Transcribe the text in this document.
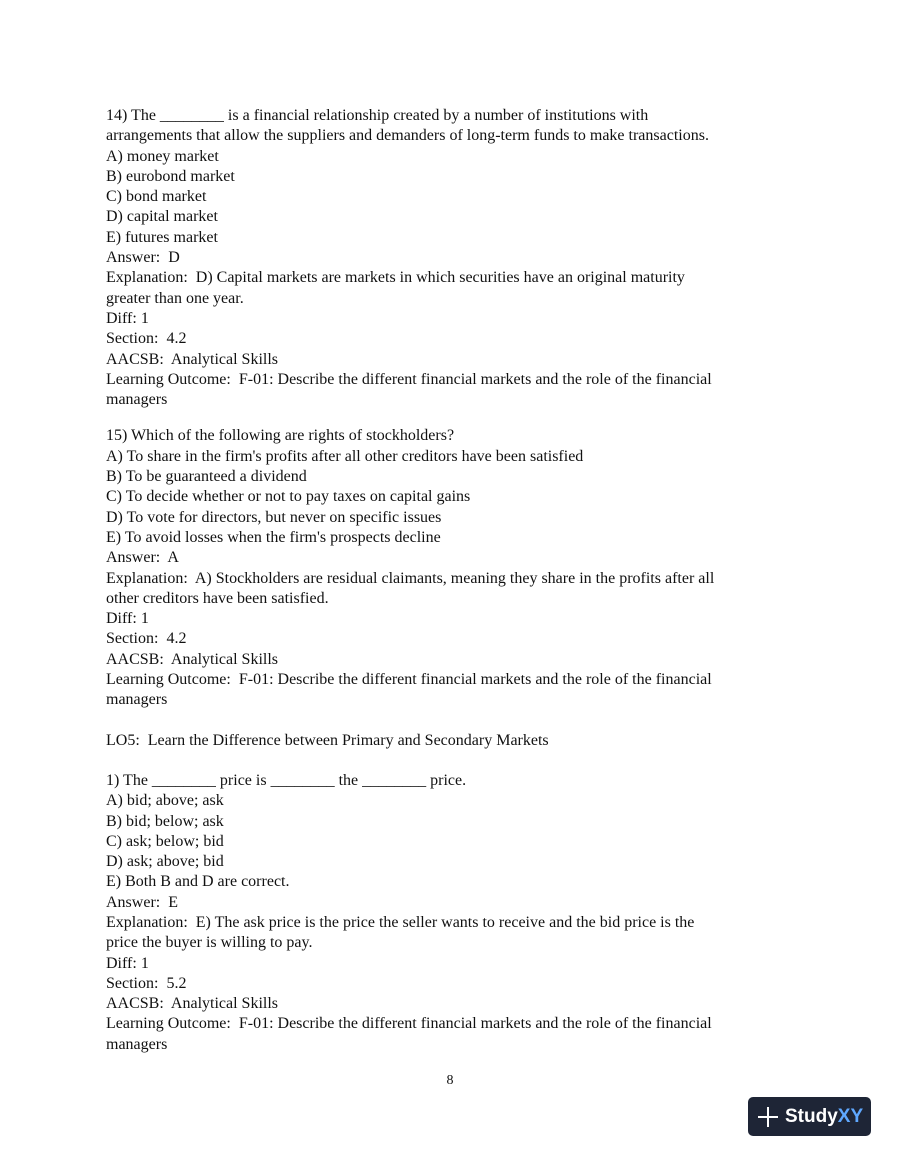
14) The ________ is a financial relationship created by a number of institutions with
arrangements that allow the suppliers and demanders of long-term funds to make transactions.
A) money market
B) eurobond market
C) bond market
D) capital market
E) futures market
Answer:  D
Explanation:  D) Capital markets are markets in which securities have an original maturity
greater than one year.
Diff: 1
Section:  4.2
AACSB:  Analytical Skills
Learning Outcome:  F-01: Describe the different financial markets and the role of the financial
managers
15) Which of the following are rights of stockholders?
A) To share in the firm's profits after all other creditors have been satisfied
B) To be guaranteed a dividend
C) To decide whether or not to pay taxes on capital gains
D) To vote for directors, but never on specific issues
E) To avoid losses when the firm's prospects decline
Answer:  A
Explanation:  A) Stockholders are residual claimants, meaning they share in the profits after all
other creditors have been satisfied.
Diff: 1
Section:  4.2
AACSB:  Analytical Skills
Learning Outcome:  F-01: Describe the different financial markets and the role of the financial
managers
LO5:  Learn the Difference between Primary and Secondary Markets
1) The ________ price is ________ the ________ price.
A) bid; above; ask
B) bid; below; ask
C) ask; below; bid
D) ask; above; bid
E) Both B and D are correct.
Answer:  E
Explanation:  E) The ask price is the price the seller wants to receive and the bid price is the
price the buyer is willing to pay.
Diff: 1
Section:  5.2
AACSB:  Analytical Skills
Learning Outcome:  F-01: Describe the different financial markets and the role of the financial
managers
8
StudyXY
